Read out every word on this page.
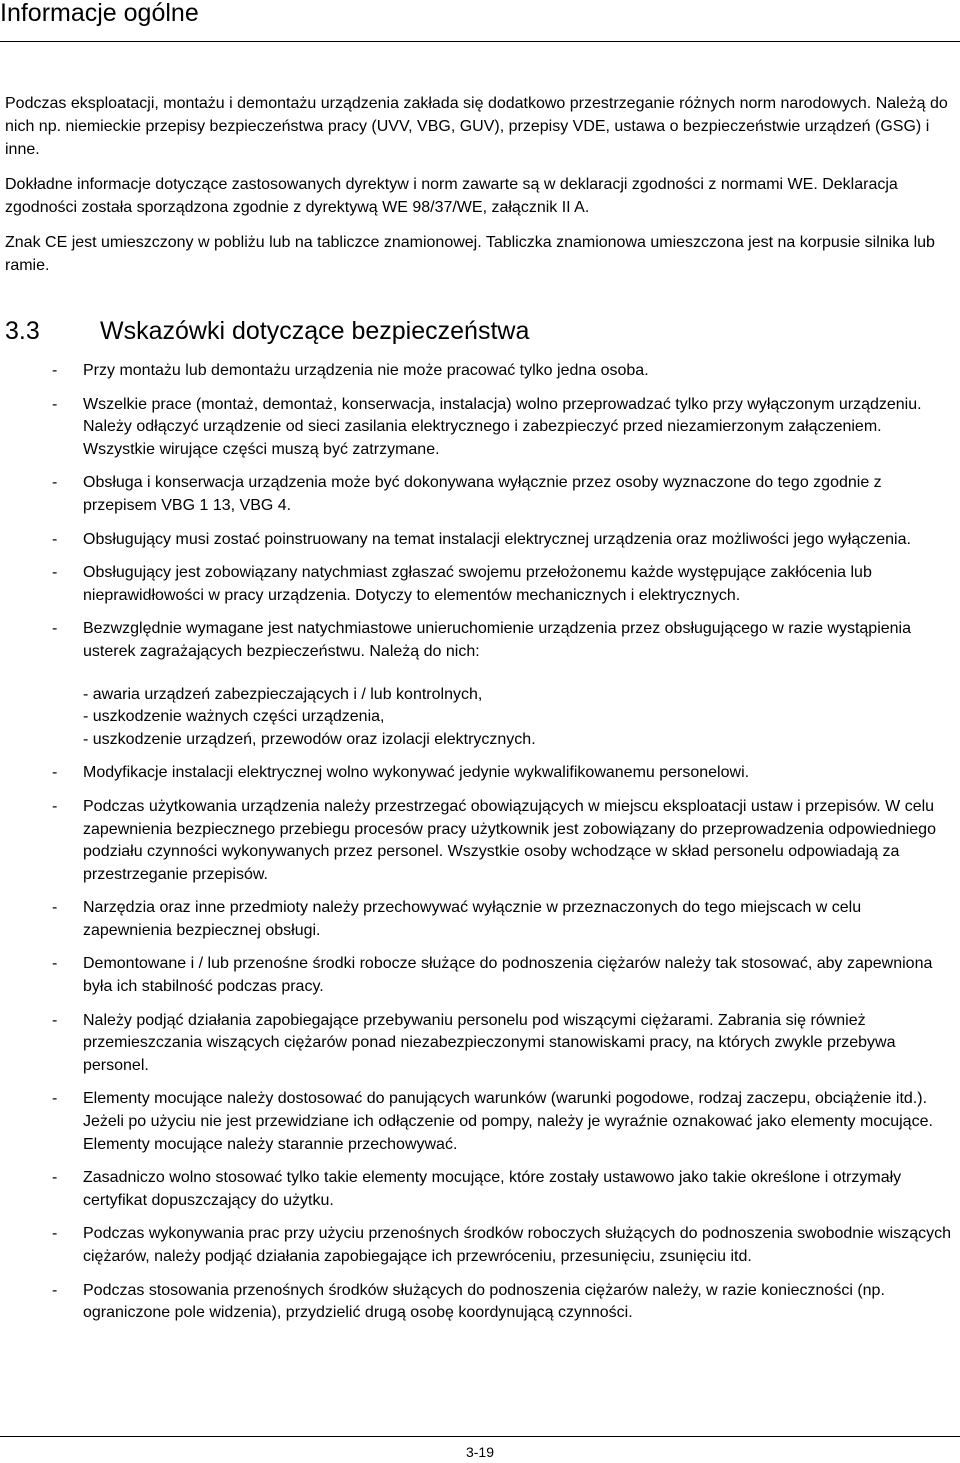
Informacje ogólne

Podczas eksploatacji, montażu i demontażu urządzenia zakłada się dodatkowo przestrzeganie różnych norm narodowych. Należą do nich np. niemieckie przepisy bezpieczeństwa pracy (UVV, VBG, GUV), przepisy VDE, ustawa o bezpieczeństwie urządzeń (GSG) i inne.

Dokładne informacje dotyczące zastosowanych dyrektyw i norm zawarte są w deklaracji zgodności z normami WE. Deklaracja zgodności została sporządzona zgodnie z dyrektywą WE 98/37/WE, załącznik II A.

Znak CE jest umieszczony w pobliżu lub na tabliczce znamionowej. Tabliczka znamionowa umieszczona jest na korpusie silnika lub ramie.

3.3 Wskazówki dotyczące bezpieczeństwa
- Przy montażu lub demontażu urządzenia nie może pracować tylko jedna osoba.
- Wszelkie prace (montaż, demontaż, konserwacja, instalacja) wolno przeprowadzać tylko przy wyłączonym urządzeniu. Należy odłączyć urządzenie od sieci zasilania elektrycznego i zabezpieczyć przed niezamierzonym załączeniem. Wszystkie wirujące części muszą być zatrzymane.
- Obsługa i konserwacja urządzenia może być dokonywana wyłącznie przez osoby wyznaczone do tego zgodnie z przepisem VBG 1 13, VBG 4.
- Obsługujący musi zostać poinstruowany na temat instalacji elektrycznej urządzenia oraz możliwości jego wyłączenia.
- Obsługujący jest zobowiązany natychmiast zgłaszać swojemu przełożonemu każde występujące zakłócenia lub nieprawidłowości w pracy urządzenia. Dotyczy to elementów mechanicznych i elektrycznych.
- Bezwzględnie wymagane jest natychmiastowe unieruchomienie urządzenia przez obsługującego w razie wystąpienia usterek zagrażających bezpieczeństwu. Należą do nich:
- awaria urządzeń zabezpieczających i / lub kontrolnych,
- uszkodzenie ważnych części urządzenia,
- uszkodzenie urządzeń, przewodów oraz izolacji elektrycznych.
- Modyfikacje instalacji elektrycznej wolno wykonywać jedynie wykwalifikowanemu personelowi.
- Podczas użytkowania urządzenia należy przestrzegać obowiązujących w miejscu eksploatacji ustaw i przepisów. W celu zapewnienia bezpiecznego przebiegu procesów pracy użytkownik jest zobowiązany do przeprowadzenia odpowiedniego podziału czynności wykonywanych przez personel. Wszystkie osoby wchodzące w skład personelu odpowiadają za przestrzeganie przepisów.
- Narzędzia oraz inne przedmioty należy przechowywać wyłącznie w przeznaczonych do tego miejscach w celu zapewnienia bezpiecznej obsługi.
- Demontowane i / lub przenośne środki robocze służące do podnoszenia ciężarów należy tak stosować, aby zapewniona była ich stabilność podczas pracy.
- Należy podjąć działania zapobiegające przebywaniu personelu pod wiszącymi ciężarami. Zabrania się również przemieszczania wiszących ciężarów ponad niezabezpieczonymi stanowiskami pracy, na których zwykle przebywa personel.
- Elementy mocujące należy dostosować do panujących warunków (warunki pogodowe, rodzaj zaczepu, obciążenie itd.). Jeżeli po użyciu nie jest przewidziane ich odłączenie od pompy, należy je wyraźnie oznakować jako elementy mocujące. Elementy mocujące należy starannie przechowywać.
- Zasadniczo wolno stosować tylko takie elementy mocujące, które zostały ustawowo jako takie określone i otrzymały certyfikat dopuszczający do użytku.
- Podczas wykonywania prac przy użyciu przenośnych środków roboczych służących do podnoszenia swobodnie wiszących ciężarów, należy podjąć działania zapobiegające ich przewróceniu, przesunięciu, zsunięciu itd.
- Podczas stosowania przenośnych środków służących do podnoszenia ciężarów należy, w razie konieczności (np. ograniczone pole widzenia), przydzielić drugą osobę koordynującą czynności.
3-19
